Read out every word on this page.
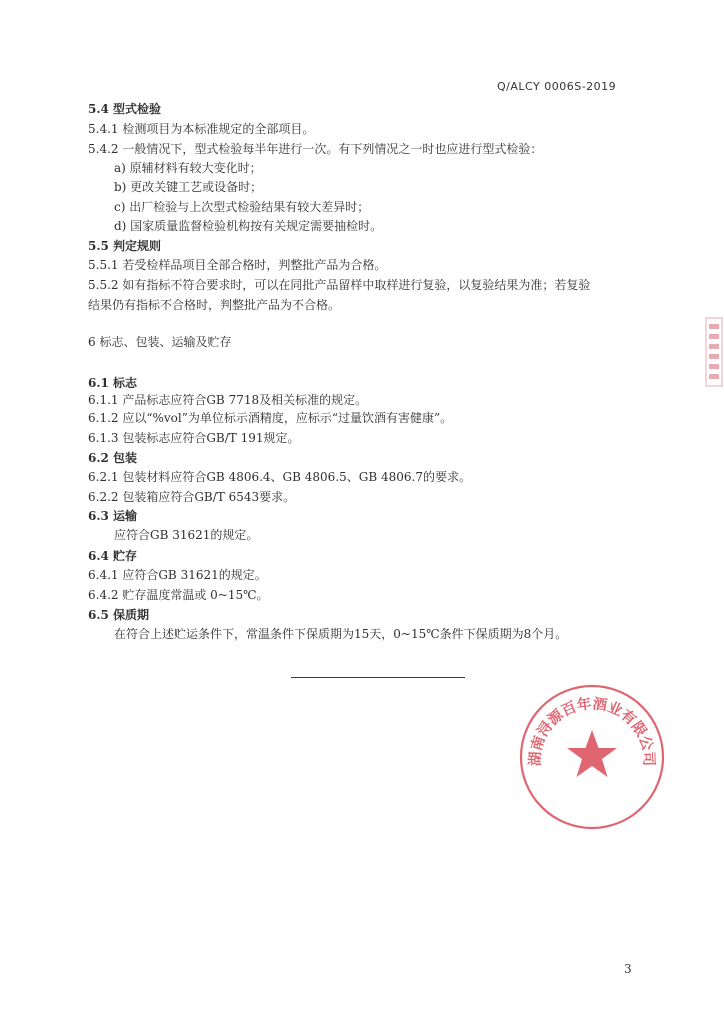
Q/ALCY 0006S-2019
5.4 型式检验
5.4.1 检测项目为本标准规定的全部项目。
5.4.2 一般情况下，型式检验每半年进行一次。有下列情况之一时也应进行型式检验：
a) 原辅材料有较大变化时；
b) 更改关键工艺或设备时；
c) 出厂检验与上次型式检验结果有较大差异时；
d) 国家质量监督检验机构按有关规定需要抽检时。
5.5 判定规则
5.5.1 若受检样品项目全部合格时，判整批产品为合格。
5.5.2 如有指标不符合要求时，可以在同批产品留样中取样进行复验，以复验结果为准；若复验
结果仍有指标不合格时，判整批产品为不合格。
6 标志、包装、运输及贮存
6.1 标志
6.1.1 产品标志应符合GB 7718及相关标准的规定。
6.1.2 应以“%vol”为单位标示酒精度，应标示“过量饮酒有害健康”。
6.1.3 包装标志应符合GB/T 191规定。
6.2 包装
6.2.1 包装材料应符合GB 4806.4、GB 4806.5、GB 4806.7的要求。
6.2.2 包装箱应符合GB/T 6543要求。
6.3 运输
应符合GB 31621的规定。
6.4 贮存
6.4.1 应符合GB 31621的规定。
6.4.2 贮存温度常温或 0~15℃。
6.5 保质期
在符合上述贮运条件下，常温条件下保质期为15天，0~15℃条件下保质期为8个月。
湖南浔源百年酒业有限公司
3
